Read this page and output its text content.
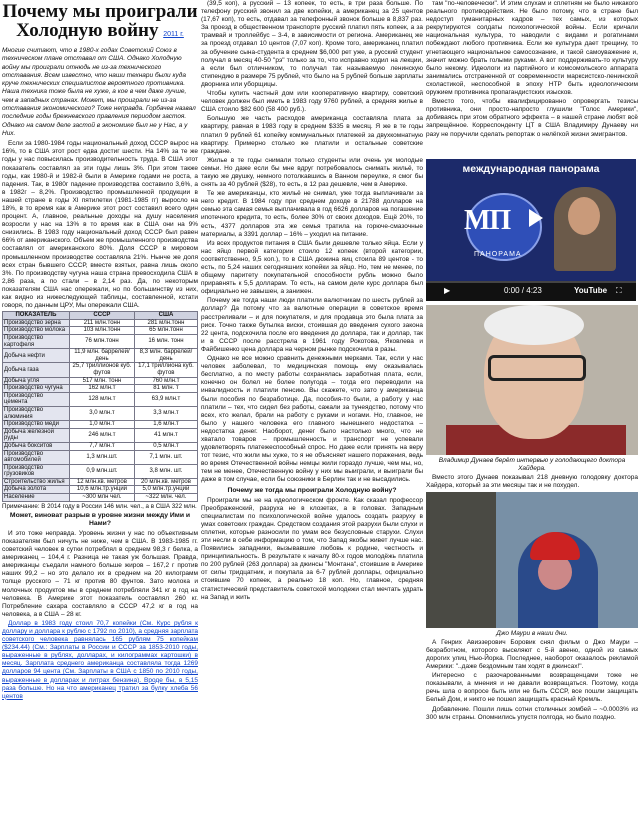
Почему мы проиграли
Холодную войну 2011 г.
Многие считают, что в 1980-х годах Советский Союз в техническом плане отставал от США. Однако Холодную войну мы проиграли отнюдь не из-за технического отставания. Всем известно, что наши технари были куда круче технических специалистов вероятного противника. Наша техника тоже была не хуже, а кое в чем даже лучше, чем в западных странах. Может, мы проиграли не из-за отставания экономического? Тоже неправда. Горбачев назвал последние годы брежневского правления периодом застоя. Однако на самом деле застой в экономике был не у Нас, а у Них.

Если за 1980-1984 годы национальный доход СССР вырос на 16%, то в США этот рост едва достиг шести. На 14% за те же годы у нас повысилась производительность труда. В США этот показатель составлял за эти годы лишь 3%. При этом также годы, как 1980-й и 1982-й были в Америке годами не роста, а падения. Так, в 1980г падение производства составило 3,6%, а в 1982г – 8,2%. Производство промышленной продукции в нашей стране в годы XI пятилетки (1981-1985 гг) выросло на 18%, в то время как в Америке этот рост составил всего один процент. А, главное, реальные доходы на душу населения возросли у нас на 13% в то время как в США они на 9% снизились. В 1983 году национальный доход СССР был равен 66% от американского. Объем же промышленного производства составлял от американского 80%. Доля СССР в мировом промышленном производстве составляла 21%. Нынче же доля всех стран бывшего СССР, вместе взятых, равна лишь около 3%. По производству чугуна наша страна превосходила США в 2,86 раза, а по стали – в 2,14 раз. Да, по некоторым показателям США нас опережали, но по большинству из них, как видно из нижеследующей таблицы, составленной, кстати говоря, по данным ЦРУ, Мы опережали США.

ПОКАЗАТЕЛЬ	СССР	США
Производство зерна	211 млн.тонн	281 млн.тонн
Производство молока	103 млн.тонн	65 млн.тонн
Производство картофеля	76 млн.тонн	16 млн. тонн
Добыча нефти	11,9 млн. баррелей/день	8,3 млн. баррелей/день
Добыча газа	25,7 триллионов куб. футов	17,1 триллиона куб. футов
Добыча угля	517 млн. тонн	760 млн.т
Производство чугуна	162 млн.т	81 млн. т
Производство цемента	128 млн.т	63,9 млн.т
Производство алюминия	3,0 млн.т	3,3 млн.т
Производство меди	1,0 млн.т	1,6 млн.т
Добыча железной руды	246 млн.т	41 млн.т
Добыча бокситов	7,7 млн.т	0,5 млн.т
Производство автомобилей	1,3 млн.шт.	7,1 млн. шт.
Производство грузовиков	0,9 млн.шт.	3,8 млн. шт.
Строительство жилья	12 млн.кв. метров	20 млн.кв. метров
Добыча золота	10,6 млн.тр.унций	5,0 млн.тр.унций
Население	~300 млн чел.	~322 млн. чел.
Примечание: В 2014 году в России 146 млн. чел., а в США 322 млн.
Может, виноват разрыв в уровне жизни между Ими и Нами?

И это тоже неправда. Уровень жизни у нас по объективным показателям был ничуть не ниже, чем в США. В 1983-1985 гг. советский человек в сутки потреблял в среднем 98,3 г белка, а американец – 104,4 г. Разница не такая уж большая. Правда, американцы съедали намного больше жиров – 167,2 г против наших 99,2 – но это делало их в среднем на 20 килограмм толще русского – 71 кг против 80 фунтов. Зато молока и молочных продуктов мы в среднем потребляли 341 кг в год на человека. В Америке этот показатель составлял 260 кг. Потребление сахара составляло в СССР 47,2 кг в год на человека, а в США – 28 кг.

Доллар в 1983 году стоил 70,7 копейки (См. Курс рубля к доллару и доллара к рублю с 1792 по 2010), а средняя зарплата советского человека равнялась 165 рублям 75 копейкам ($234.44) (См.: Зарплаты в России и СССР за 1853-2010 годы, выраженные в рублях, долларах, и килограммах картошки) в месяц. Зарплата среднего американца составляла тогда 1269 долларов 94 цента (См. Зарплаты в США с 1850 по 2010 годы, выраженные в долларах и литрах бензина). Вроде бы, в 5,15 раза больше. Но на что американец тратил за булку хлеба 56 центов

(39,5 коп), а русский – 13 копеек, то есть, в три раза больше. По телефону русский звонил за две копейки, а американец за 25 центов (17,67 коп), то есть, отдавал за телефонный звонок больше в 8,837 раз. За проезд в общественном транспорте русский платил пять копеек, а за трамвай и троллейбус – 3-4, в зависимости от региона. Американец же за проезд отдавал 10 центов (7,07 коп). Кроме того, американец платил за обучение сына-студента в среднем $6,000 рет уже, а русский студент получал в месяц 40-50 "рэ" только за то, что исправно ходил на лекции, а если был отличником, то получал так называемую ленинскую стипендию в размере 75 рублей, что было на 5 рублей больше зарплаты дворника или уборщицы.

Чтобы купить частный дом или кооперативную квартиру, советский человек должен был иметь в 1983 году 9760 рублей, а средняя жилье в США стоило $82 600 (58 400 руб.).

Большую же часть расходов американца составляла плата за квартиру, равная в 1983 году в среднем $335 в месяц. Я же в те годы платил 9 рублей 61 копейку коммунальных платежей за двухкомнатную квартиру. Примерно столько же платили и остальные советские граждане.

Жилье в те годы снимали только студенты или очень уж молодые семьи. Но даже если бы мне вдруг потребовалось снимать жильё, то такую же двушку, немного потолкавшись в Ванном переулке, я смог бы снять за 40 рублей ($28), то есть, в 12 раз дешевле, чем в Америке.

Те же американцы, кто жильё не снимал, уже тогда выплачивали за него кредит. В 1984 году при среднем доходе в 21788 долларов на семью эта самая семья выплачивала в год 6626 долларов на погашение ипотечного кредита, то есть, более 30% от своих доходов. Ещё 20%, то есть, 4377 долларов эта же семья тратила на горюче-смазочные материалы, а 3391 доллар – 16% – уходил на питание.

Из всех продуктов питания в США были дешевле только яйца. Если у нас яйцо первой категории стоило 12 копеек (второй категории, соответственно, 9,5 коп.), то в США дюжина яиц стоила 89 центов - то есть, по 5,24 наших сегодняшних копейки за яйцо. Но, тем не менее, по общему паритету покупательной способности рубль можно было приравнять к 5,5 долларам. То есть, на самом деле курс доллара был официально не завышен, а занижен.

Почему же тогда наши люди платили валютчикам по шесть рублей за доллар? Да потому что за валютные операции в советское время расстреливали – и для покупателя, и для продавца это была плата за риск. Точно также бутылка виски, стоившая до введения сухого закона 22 цента, подскочила после его введения до доллара, так и доллар, так и в СССР после расстрела в 1961 году Рокотова, Яковлева и Файбишенко цена доллара на черном рынке подскочила в разы.

Однако не все можно сравнить денежными мерками. Так, если у нас человек заболевал, то медицинская помощь ему оказывалась бесплатно, а по месту работы сохранялась заработная плата, если, конечно он болел не более полугода – тогда его переводили на инвалидность и платили пенсию. Вы скажете, что зато у американца были пособия по безработице. Да, пособия-то были, а работу у нас платили – тех, что сидел без работы, сажали за тунеядство, потому что всех, кто желал, брали на работу с руками и ногами. Но, главное, не было у нашего человека его главного нынешнего недостатка – недостатка денег. Наоборот, денег было настолько много, что не хватало товаров – промышленность и транспорт не успевали удовлетворять платежеспособный спрос. Но даже если принять на веру тот тезис, что жили мы хуже, то я не объясняет нашего поражения, ведь во время Отечественной войны немцы жили гораздо лучше, чем мы, но, тем не менее, Отечественную войну у них мы выиграли, и выиграли бы даже в том случае, если бы союзники в Берлин так и не высадились.

Почему же тогда мы проиграли Холодную войну?

Проиграли мы не на идеологическом фронте. Как сказал профессор Преображенский, разруха не в клозетах, а в головах. Западным специалистам по психологической войне удалось создать разруху в умах советских граждан. Средством создания этой разрухи были слухи и сплетни, которые разносили по умам все безусловные старухи. Слухи эти несли в себе информацию о том, что Запад якобы живет лучше нас. Появились западники, вызывавшие любовь к родине, честность и принципиальность. В результате к началу 80-х годов молодёжь платила по 200 рублей (263 доллара) за джинсы "Монтана", стоившие в Америке от силы тридцатник, и покупала за 6-7 рублей доллары, официально стоившие 70 копеек, а реально 18 коп. Но, главное, средняя статистический представитель советской молодежи стал мечтать удрать на Запад и жить

там "по-человечески". И этим слухам и сплетням не было никакого реального противодействия. Не было потому, что в стране был недоступ гуманитарных кадров – тех самых, из которых рекрутируются солдаты психологической войны. Если кричали национальная культура, то наводили с видами и рогатинами побеждают любого противника. Если же культура дает трещину, то угнетающего национальное самосознание, и такой самоуважение и, значит можно брать голыми руками. А вот поддерживать-то культуру было некому. Идеологи из партийного и комсомольского аппарата занимались отстраненной от современности марксистско-ленинской схоластикой, неспособной в эпоху НТР быть идеологическим оружием противника пропагандистских изысков.

Вместо того, чтобы квалифицированно опровергать тезисы противника, они просто-напросто глушили "Голос Америки", добиваясь при этом обратного эффекта – в нашей стране любят всё запрещённое. Корреспонденту ЦТ в США Владимиру Дунаеву ни разу не поручили сделать репортаж о нелёгкой жизни эмигрантов.

международная панорама
МП
ПАНОРАМА
▶	0:00 / 4:23	YouTube ⛶

Владимир Дунаев берёт интервью у голодающего доктора Хайдера.

Вместо этого Дунаев показывал 218 дневную голодовку доктора Хайдера, который за эти месяцы так и не похудел.

Джо Маури в наши дни.

А Генрих Авиэзерович Боровик снял фильм о Джо Маури – безработном, которого выселяют с 5-й авеню, одной из самых дорогих улиц Нью-Йорка. Последнее, наоборот оказалось рекламой Америки: "..даже бездомным там ходят в джинсах!".

Интересно с разочарованными возвращенцами тоже не показывали, а мнения и не давали возвращаться. Поэтому, когда речь шла о вопросе быть или не быть СССР, все пошли защищать Белый Дом, и никто не пошел защищать красный Кремль.

Добавление. Пошли лишь сотни столичных зомбей – ~0.0003% из 300 млн страны. Опомнились упустя полгода, но было поздно.
